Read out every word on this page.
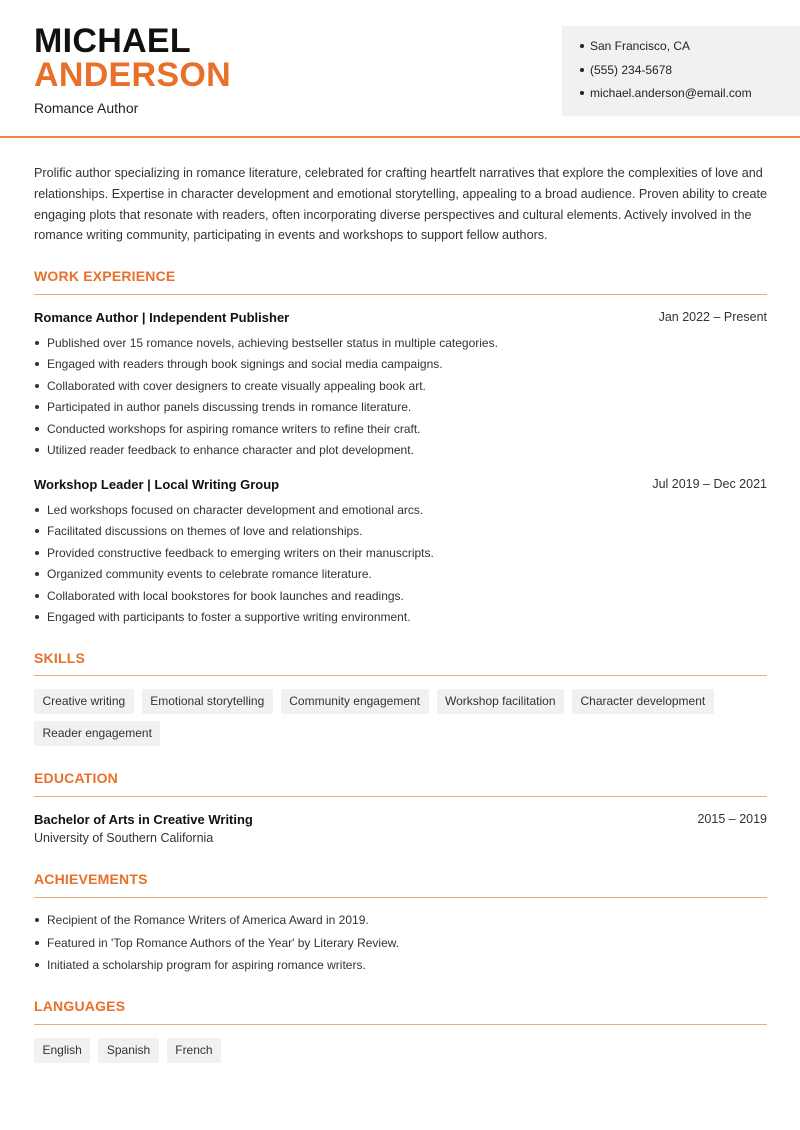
MICHAEL
ANDERSON
Romance Author
San Francisco, CA
(555) 234-5678
michael.anderson@email.com

Prolific author specializing in romance literature, celebrated for crafting heartfelt narratives that explore the complexities of love and relationships. Expertise in character development and emotional storytelling, appealing to a broad audience. Proven ability to create engaging plots that resonate with readers, often incorporating diverse perspectives and cultural elements. Actively involved in the romance writing community, participating in events and workshops to support fellow authors.

WORK EXPERIENCE
Romance Author | Independent Publisher	Jan 2022 – Present
Published over 15 romance novels, achieving bestseller status in multiple categories.
Engaged with readers through book signings and social media campaigns.
Collaborated with cover designers to create visually appealing book art.
Participated in author panels discussing trends in romance literature.
Conducted workshops for aspiring romance writers to refine their craft.
Utilized reader feedback to enhance character and plot development.
Workshop Leader | Local Writing Group	Jul 2019 – Dec 2021
Led workshops focused on character development and emotional arcs.
Facilitated discussions on themes of love and relationships.
Provided constructive feedback to emerging writers on their manuscripts.
Organized community events to celebrate romance literature.
Collaborated with local bookstores for book launches and readings.
Engaged with participants to foster a supportive writing environment.
SKILLS
Creative writing	Emotional storytelling	Community engagement	Workshop facilitation	Character development
Reader engagement
EDUCATION
Bachelor of Arts in Creative Writing	2015 – 2019
University of Southern California
ACHIEVEMENTS
Recipient of the Romance Writers of America Award in 2019.
Featured in 'Top Romance Authors of the Year' by Literary Review.
Initiated a scholarship program for aspiring romance writers.
LANGUAGES
English	Spanish	French
